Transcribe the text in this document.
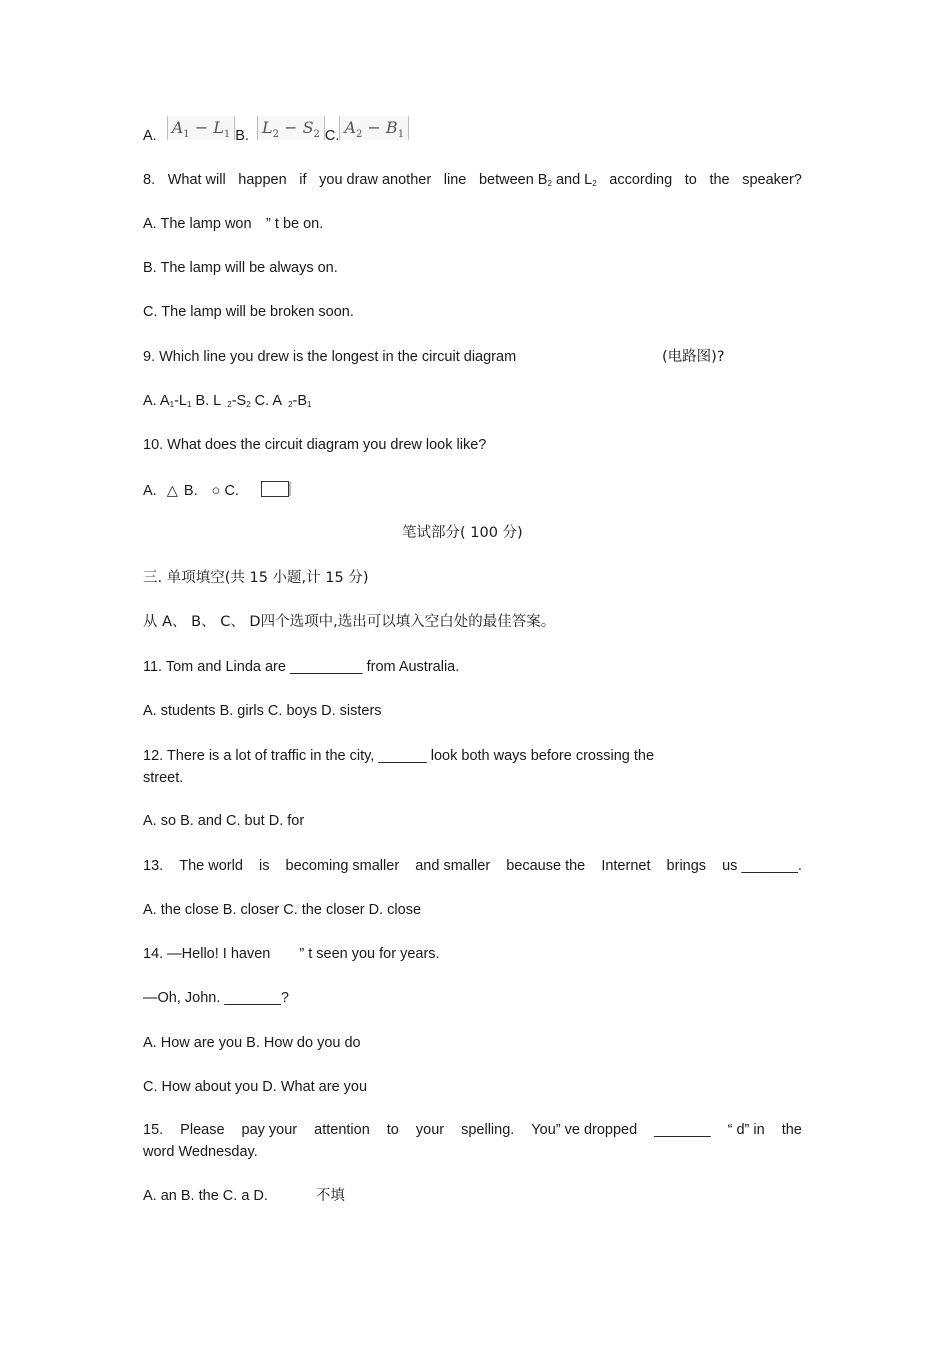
A. $A_1 - L_1$ B. $L_2 - S_2$ C. $A_2 - B_1$
8. What will happen if you draw another line between B2 and L2 according to the speaker?
A. The lamp won　” t be on.
B. The lamp will be always on.
C. The lamp will be broken soon.
9. Which line you drew is the longest in the circuit diagram	(电路图)?
A. A1-L1 B. L 2-S2 C. A 2-B1
10. What does the circuit diagram you drew look like?
A. △ B. ○ C.
笔试部分( 100 分)
三. 单项填空(共 15 小题,计 15 分)
从 A、 B、 C、 D四个选项中,选出可以填入空白处的最佳答案。
11. Tom and Linda are _________ from Australia.
A. students B. girls C. boys D. sisters
12. There is a lot of traffic in the city, ______ look both ways before crossing the street.
A. so B. and C. but D. for
13. The world is becoming smaller and smaller because the Internet brings us _______.
A. the close B. closer C. the closer D. close
14. —Hello! I haven　　” t seen you for years.
—Oh, John. _______?
A. How are you B. How do you do
C. How about you D. What are you
15. Please pay your attention to your spelling. You” ve dropped _______ “ d” in the
word Wednesday.
A. an B. the C. a D.	不填
